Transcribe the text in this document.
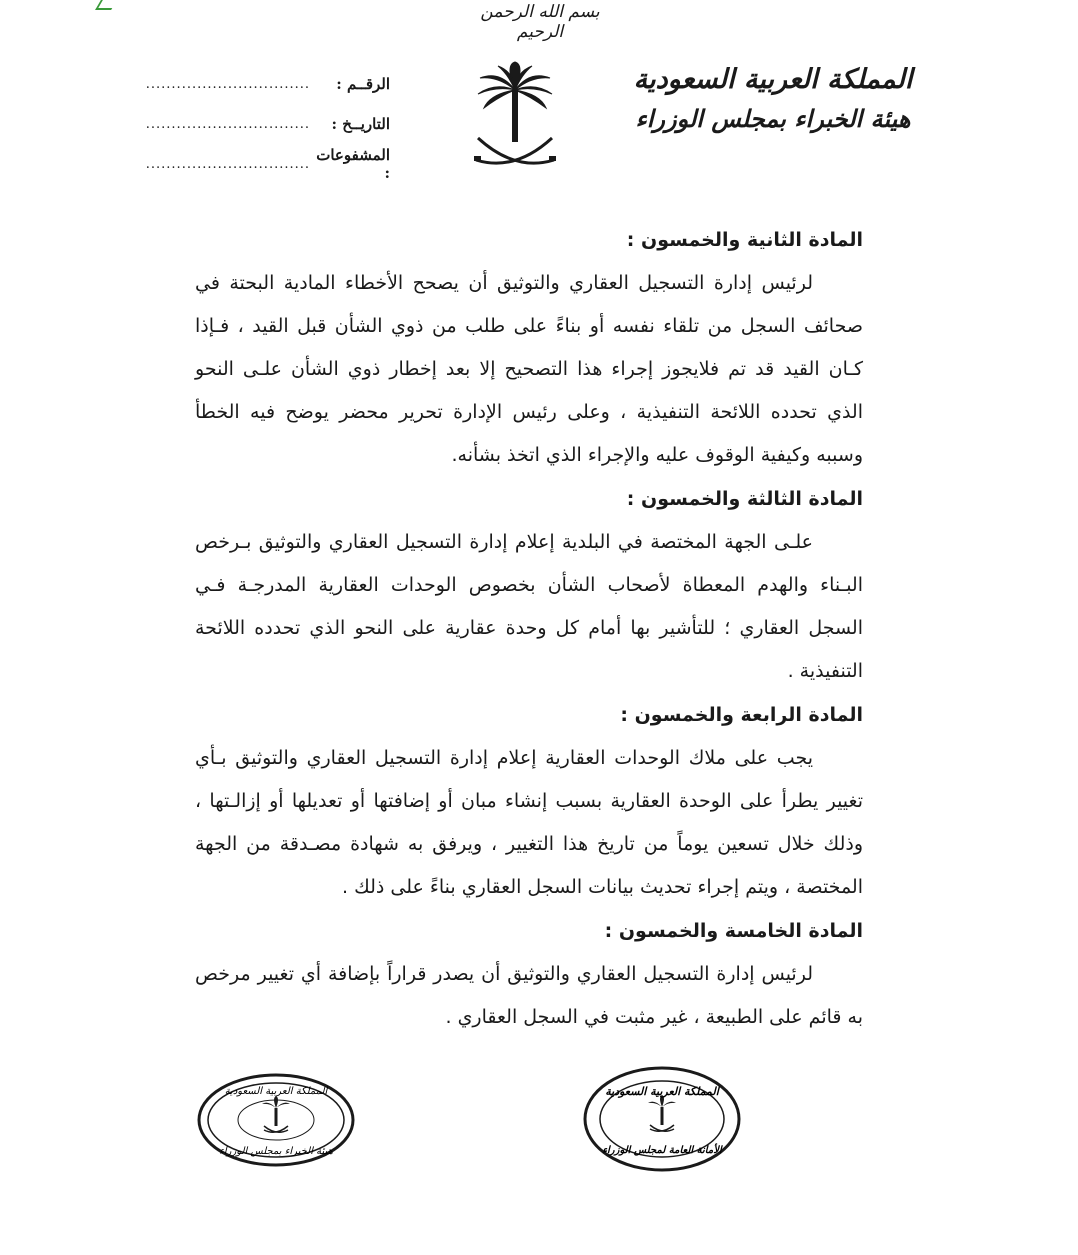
بسم الله الرحمن الرحيم
المملكة العربية السعودية
هيئة الخبراء بمجلس الوزراء
الرقــم :
................................
التاريــخ :
................................
المشفوعات :
................................
المادة الثانية والخمسون :

لرئيس إدارة التسجيل العقاري والتوثيق أن يصحح الأخطاء المادية البحتة في صحائف السجل من تلقاء نفسه أو بناءً على طلب من ذوي الشأن قبل القيد ، فـإذا كـان القيد قد تم فلايجوز إجراء هذا التصحيح إلا بعد إخطار ذوي الشأن علـى النحو الذي تحدده اللائحة التنفيذية ، وعلى رئيس الإدارة تحرير محضر يوضح فيه الخطأ وسببه وكيفية الوقوف عليه والإجراء الذي اتخذ بشأنه.

المادة الثالثة والخمسون :

علـى الجهة المختصة في البلدية إعلام إدارة التسجيل العقاري والتوثيق بـرخص البـناء والهدم المعطاة لأصحاب الشأن بخصوص الوحدات العقارية المدرجـة فـي السجل العقاري ؛ للتأشير بها أمام كل وحدة عقارية على النحو الذي تحدده اللائحة التنفيذية .

المادة الرابعة والخمسون :

يجب على ملاك الوحدات العقارية إعلام إدارة التسجيل العقاري والتوثيق بـأي تغيير يطرأ على الوحدة العقارية بسبب إنشاء مبان أو إضافتها أو تعديلها أو إزالـتها ، وذلك خلال تسعين يوماً من تاريخ هذا التغيير ، ويرفق به شهادة مصـدقة من الجهة المختصة ، ويتم إجراء تحديث بيانات السجل العقاري بناءً على ذلك .

المادة الخامسة والخمسون :

لرئيس إدارة التسجيل العقاري والتوثيق أن يصدر قراراً بإضافة أي تغيير مرخص به قائم على الطبيعة ، غير مثبت في السجل العقاري .

المملكة العربية السعودية
هيئة الخبراء بمجلس الوزراء
المملكة العربية السعودية
الأمانة العامة لمجلس الوزراء
